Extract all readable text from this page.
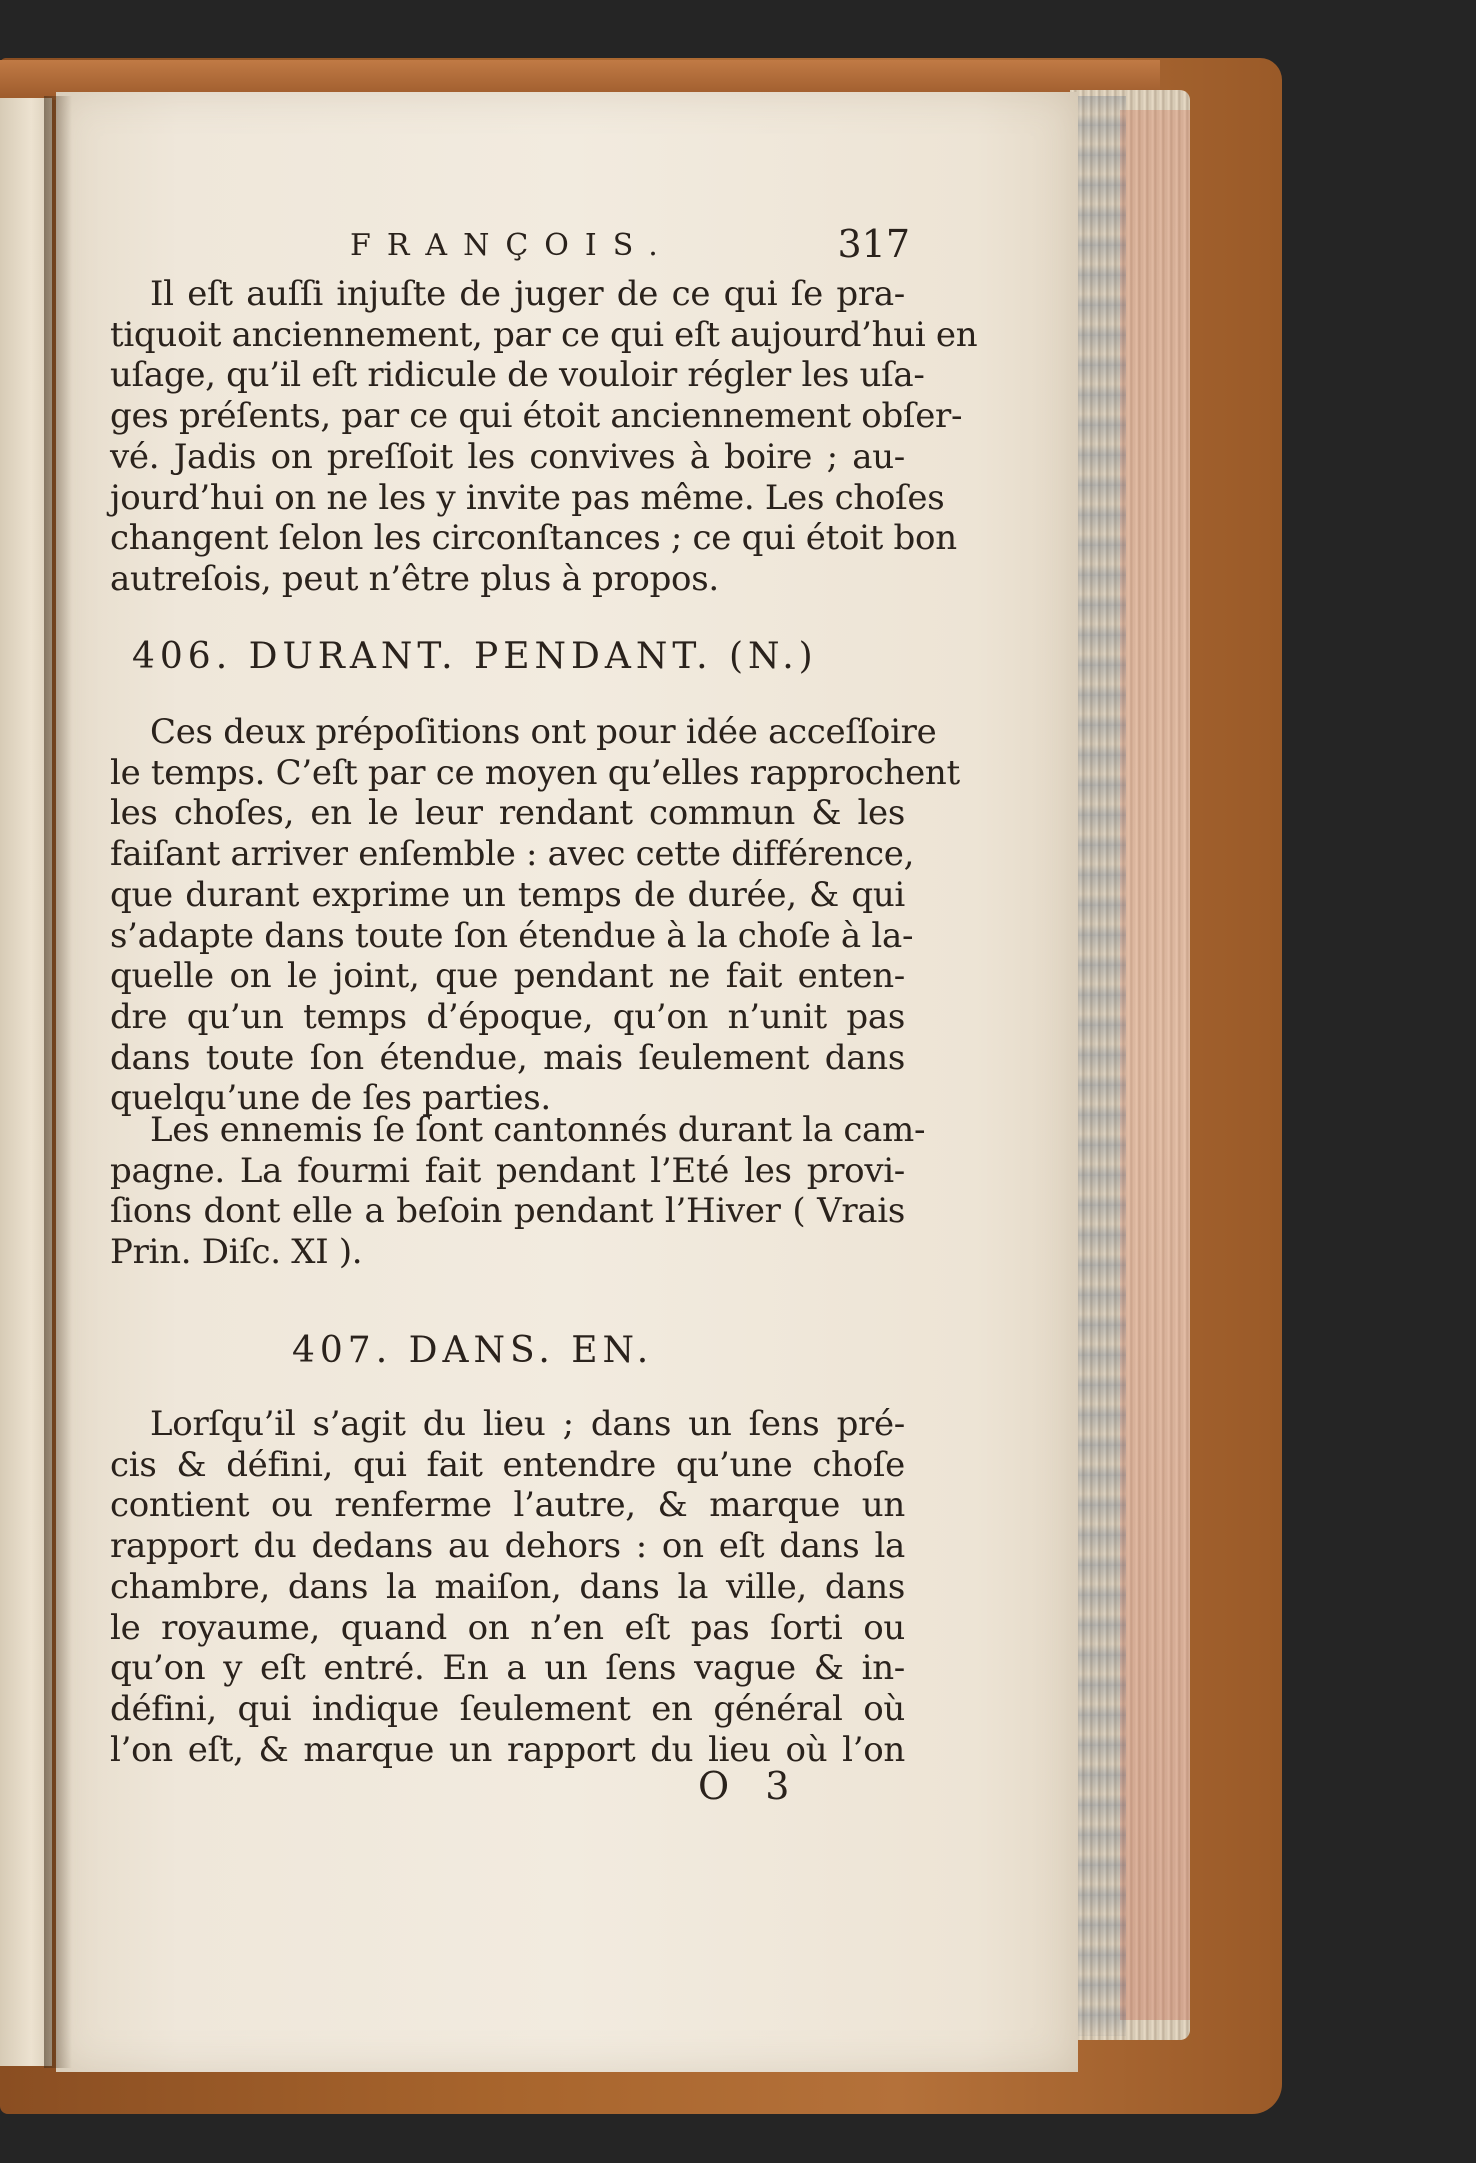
FRANÇOIS.	317
Il eſt auſſi injuſte de juger de ce qui ſe pra-
tiquoit anciennement, par ce qui eſt aujourd’hui en
uſage, qu’il eſt ridicule de vouloir régler les uſa-
ges préſents, par ce qui étoit anciennement obſer-
vé. Jadis on preſſoit les convives à boire ; au-
jourd’hui on ne les y invite pas même. Les choſes
changent ſelon les circonſtances ; ce qui étoit bon
autreſois, peut n’être plus à propos.
406. DURANT. PENDANT. (N.)
Ces deux prépoſitions ont pour idée acceſſoire
le temps. C’eſt par ce moyen qu’elles rapprochent
les choſes, en le leur rendant commun & les
faiſant arriver enſemble : avec cette différence,
que durant exprime un temps de durée, & qui
s’adapte dans toute ſon étendue à la choſe à la-
quelle on le joint, que pendant ne fait enten-
dre qu’un temps d’époque, qu’on n’unit pas
dans toute ſon étendue, mais ſeulement dans
quelqu’une de ſes parties.
Les ennemis ſe ſont cantonnés durant la cam-
pagne. La fourmi fait pendant l’Eté les provi-
ſions dont elle a beſoin pendant l’Hiver ( Vrais
Prin. Diſc. XI ).
407. DANS. EN.
Lorſqu’il s’agit du lieu ; dans un ſens pré-
cis & défini, qui fait entendre qu’une choſe
contient ou renferme l’autre, & marque un
rapport du dedans au dehors : on eſt dans la
chambre, dans la maiſon, dans la ville, dans
le royaume, quand on n’en eſt pas ſorti ou
qu’on y eſt entré. En a un ſens vague & in-
défini, qui indique ſeulement en général où
l’on eſt, & marque un rapport du lieu où l’on
O 3
